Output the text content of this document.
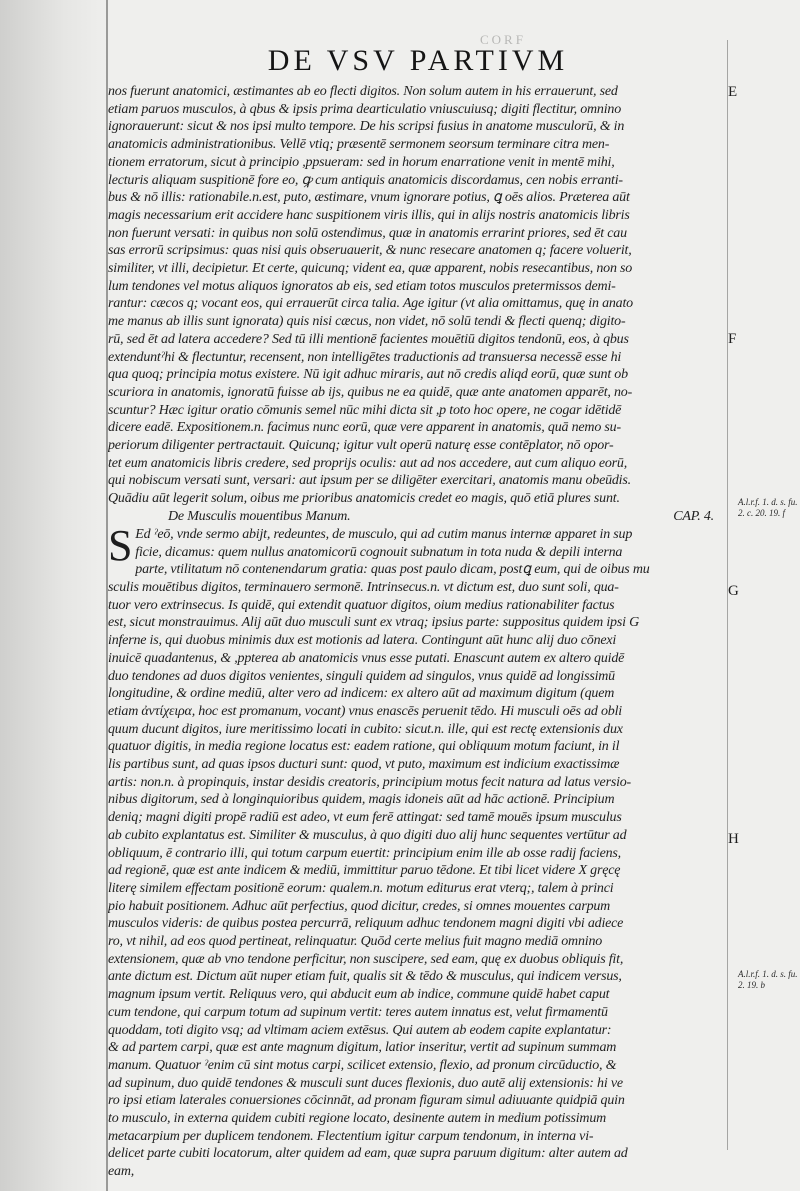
CORF
DE VSV PARTIVM
nos fuerunt anatomici, æstimantes ab eo flecti digitos. Non solum autem in his errauerunt, sed
etiam paruos musculos, à qbus & ipsis prima dearticulatio vniuscuiusq; digiti flectitur, omnino
ignorauerunt: sicut & nos ipsi multo tempore. De his scripsi fusius in anatome musculorū, & in
anatomicis administrationibus. Vellē vtiq; præsentē sermonem seorsum terminare citra men-
tionem erratorum, sicut à principio ,ppsueram: sed in horum enarratione venit in mentē mihi,
lecturis aliquam suspitionē fore eo, ꝙ cum antiquis anatomicis discordamus, cen nobis erranti-
bus & nō illis: rationabile.n.est, puto, æstimare, vnum ignorare potius, ꝗ oēs alios. Præterea aūt
magis necessarium erit accidere hanc suspitionem viris illis, qui in alijs nostris anatomicis libris
non fuerunt versati: in quibus non solū ostendimus, quæ in anatomis errarint priores, sed ēt cau
sas errorū scripsimus: quas nisi quis obseruauerit, & nunc resecare anatomen q; facere voluerit,
similiter, vt illi, decipietur. Et certe, quicunq; vident ea, quæ apparent, nobis resecantibus, non so
lum tendones vel motus aliquos ignoratos ab eis, sed etiam totos musculos pretermissos demi-
rantur: cæcos q; vocant eos, qui errauerūt circa talia. Age igitur (vt alia omittamus, quę in anato
me manus ab illis sunt ignorata) quis nisi cæcus, non videt, nō solū tendi & flecti quenq; digito-
rū, sed ēt ad latera accedere? Sed tū illi mentionē facientes mouētiū digitos tendonū, eos, à qbus
extenduntˀhi & flectuntur, recensent, non intelligētes traductionis ad transuersa necessē esse hi
qua quoq; principia motus existere. Nū igit adhuc miraris, aut nō credis aliqd eorū, quæ sunt ob
scuriora in anatomis, ignoratū fuisse ab ijs, quibus ne ea quidē, quæ ante anatomen apparēt, no-
scuntur? Hæc igitur oratio cōmunis semel nūc mihi dicta sit ,p toto hoc opere, ne cogar idētidē
dicere eadē. Expositionem.n. facimus nunc eorū, quæ vere apparent in anatomis, quā nemo su-
periorum diligenter pertractauit. Quicunq; igitur vult operū naturę esse contēplator, nō opor-
tet eum anatomicis libris credere, sed proprijs oculis: aut ad nos accedere, aut cum aliquo eorū,
qui nobiscum versati sunt, versari: aut ipsum per se diligēter exercitari, anatomis manu obeūdis.
Quādiu aūt legerit solum, oibus me prioribus anatomicis credet eo magis, quō etiā plures sunt.
De Musculis mouentibus Manum.	CAP. 4.
S Ed ˀeō, vnde sermo abijt, redeuntes, de musculo, qui ad cutim manus internæ apparet in sup
ficie, dicamus: quem nullus anatomicorū cognouit subnatum in tota nuda & depili interna
parte, vtilitatum nō contenendarum gratia: quas post paulo dicam, postꝗ eum, qui de oibus mu
sculis mouētibus digitos, terminauero sermonē. Intrinsecus.n. vt dictum est, duo sunt soli, qua-
tuor vero extrinsecus. Is quidē, qui extendit quatuor digitos, oium medius rationabiliter factus
est, sicut monstrauimus. Alij aūt duo musculi sunt ex vtraq; ipsius parte: suppositus quidem ipsi G
inferne is, qui duobus minimis dux est motionis ad latera. Contingunt aūt hunc alij duo cōnexi
inuicē quadantenus, & ,ppterea ab anatomicis vnus esse putati. Enascunt autem ex altero quidē
duo tendones ad duos digitos venientes, singuli quidem ad singulos, vnus quidē ad longissimū
longitudine, & ordine mediū, alter vero ad indicem: ex altero aūt ad maximum digitum (quem
etiam ἀντίχειρα, hoc est promanum, vocant) vnus enascēs peruenit tēdo. Hi musculi oēs ad obli
quum ducunt digitos, iure meritissimo locati in cubito: sicut.n. ille, qui est rectę extensionis dux
quatuor digitis, in media regione locatus est: eadem ratione, qui obliquum motum faciunt, in il
lis partibus sunt, ad quas ipsos ducturi sunt: quod, vt puto, maximum est indicium exactissimæ
artis: non.n. à propinquis, instar desidis creatoris, principium motus fecit natura ad latus versio-
nibus digitorum, sed à longinquioribus quidem, magis idoneis aūt ad hāc actionē. Principium
deniq; magni digiti propē radiū est adeo, vt eum ferē attingat: sed tamē mouēs ipsum musculus
ab cubito explantatus est. Similiter & musculus, à quo digiti duo alij hunc sequentes vertūtur ad
obliquum, ē contrario illi, qui totum carpum euertit: principium enim ille ab osse radij faciens,
ad regionē, quæ est ante indicem & mediū, immittitur paruo tēdone. Et tibi licet videre X gręcę
literę similem effectam positionē eorum: qualem.n. motum editurus erat vterq;, talem à princi
pio habuit positionem. Adhuc aūt perfectius, quod dicitur, credes, si omnes mouentes carpum
musculos videris: de quibus postea percurrā, reliquum adhuc tendonem magni digiti vbi adiece
ro, vt nihil, ad eos quod pertineat, relinquatur. Quōd certe melius fuit magno mediā omnino
extensionem, quæ ab vno tendone perficitur, non suscipere, sed eam, quę ex duobus obliquis fit,
ante dictum est. Dictum aūt nuper etiam fuit, qualis sit & tēdo & musculus, qui indicem versus,
magnum ipsum vertit. Reliquus vero, qui abducit eum ab indice, commune quidē habet caput
cum tendone, qui carpum totum ad supinum vertit: teres autem innatus est, velut firmamentū
quoddam, toti digito vsq; ad vltimam aciem extēsus. Qui autem ab eodem capite explantatur:
& ad partem carpi, quæ est ante magnum digitum, latior inseritur, vertit ad supinum summam
manum. Quatuor ˀenim cū sint motus carpi, scilicet extensio, flexio, ad pronum circūductio, &
ad supinum, duo quidē tendones & musculi sunt duces flexionis, duo autē alij extensionis: hi ve
ro ipsi etiam laterales conuersiones cōcinnāt, ad pronam figuram simul adiuuante quidpiā quin
to musculo, in externa quidem cubiti regione locato, desinente autem in medium potissimum
metacarpium per duplicem tendonem. Flectentium igitur carpum tendonum, in interna vi-
delicet parte cubiti locatorum, alter quidem ad eam, quæ supra paruum digitum: alter autem ad
eam,
E
F
G
H
A.l.r.f. 1. d. s. fu. 2. c. 20. 19. f
A.l.r.f. 1. d. s. fu. 2. 19. b
